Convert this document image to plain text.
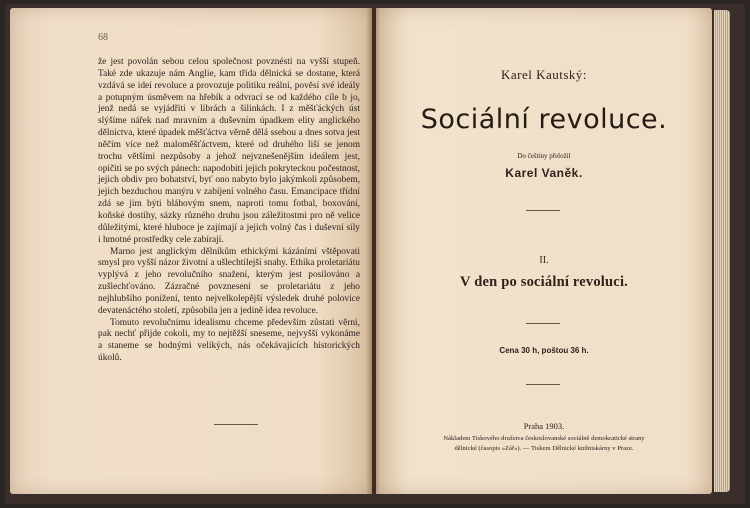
68

že jest povolán sebou celou společnost povznésti na vyšší stupeň. Také zde ukazuje nám Anglie, kam třída dělnická se dostane, která vzdává se ideí revoluce a provozuje politiku reální, pověsí své ideály a potupným úsměvem na hřebík a odvrací se od každého cíle b jo, jenž nedá se vyjádřiti v librách a šilinkách. I z měšťáckých úst slýšíme nářek nad mravním a duševním úpadkem elity anglického dělnictva, které úpadek měšťáctva věrně dělá ssebou a dnes sotva jest něčím více než maloměšťáctvem, které od druhého liší se jenom trochu většími nezpůsoby a jehož nejvznešenějším ideálem jest, opičiti se po svých pánech: napodobiti jejich pokryteckou počestnost, jejich obdiv pro bohatství, byť ono nabyto bylo jakýmkoli způsobem, jejich bezduchou manýru v zabíjení volného času. Emancipace třídní zdá se jim býti bláhovým snem, naproti tomu fotbal, boxování, koňské dostihy, sázky různého druhu jsou záležitostmi pro ně velice důležitými, které hluboce je zajímají a jejich volný čas i duševní síly i hmotné prostředky cele zabírají.

Marno jest anglickým dělníkům ethickými kázáními vštěpovati smysl pro vyšší názor životní a ušlechtilejší snahy. Ethika proletariátu vyplývá z jeho revolučního snažení, kterým jest posilováno a zušlechťováno. Zázračné povznesení se proletariátu z jeho nejhlubšího ponížení, tento nejvelkolepější výsledek druhé polovice devatenáctého století, způsobila jen a jedině idea revoluce.

Tomuto revolučnímu idealismu chceme především zůstati věrni, pak nechť přijde cokoli, my to nejtěžší sneseme, nejvyšší vykonáme a staneme se hodnými velikých, nás očekávajících historických úkolů.

Karel Kautský:
Sociální revoluce.
Do češtiny přeložil
Karel Vaněk.
II.
V den po sociální revoluci.
Cena 30 h, poštou 36 h.
Praha 1903.
Nákladem Tiskového družstva českoslovanské sociálně demokratické strany
dělnické (časopis »Zář«). — Tiskem Dělnické knihtiskárny v Praze.
